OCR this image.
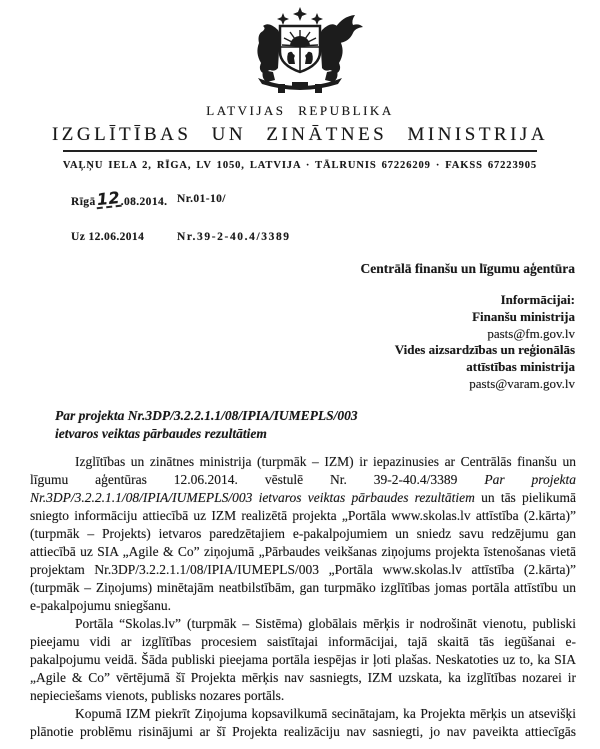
LATVIJAS REPUBLIKA
IZGLĪTĪBAS UN ZINĀTNES MINISTRIJA
VAĻŅU IELA 2, RĪGA, LV 1050, LATVIJA · TĀLRUNIS 67226209 · FAKSS 67223905
Rīgā12.08.2014. Nr.01-10/
Uz 12.06.2014	Nr.39-2-40.4/3389
Centrālā finanšu un līgumu aģentūra
Informācijai:
Finanšu ministrija
pasts@fm.gov.lv
Vides aizsardzības un reģionālās
attīstības ministrija
pasts@varam.gov.lv
Par projekta Nr.3DP/3.2.2.1.1/08/IPIA/IUMEPLS/003
ietvaros veiktas pārbaudes rezultātiem
Izglītības un zinātnes ministrija (turpmāk – IZM) ir iepazinusies ar Centrālās finanšu un
līgumu aģentūras 12.06.2014. vēstulē Nr. 39-2-40.4/3389 Par projekta
Nr.3DP/3.2.2.1.1/08/IPIA/IUMEPLS/003 ietvaros veiktas pārbaudes rezultātiem un tās pielikumā
sniegto informāciju attiecībā uz IZM realizētā projekta „Portāla www.skolas.lv attīstība (2.kārta)”
(turpmāk – Projekts) ietvaros paredzētajiem e-pakalpojumiem un sniedz savu redzējumu gan
attiecībā uz SIA „Agile & Co” ziņojumā „Pārbaudes veikšanas ziņojums projekta īstenošanas vietā
projektam Nr.3DP/3.2.2.1.1/08/IPIA/IUMEPLS/003 „Portāla www.skolas.lv attīstība (2.kārta)”
(turpmāk – Ziņojums) minētajām neatbilstībām, gan turpmāko izglītības jomas portāla attīstību un
e-pakalpojumu sniegšanu.
Portāla “Skolas.lv” (turpmāk – Sistēma) globālais mērķis ir nodrošināt vienotu, publiski
pieejamu vidi ar izglītības procesiem saistītajai informācijai, tajā skaitā tās iegūšanai e-
pakalpojumu veidā. Šāda publiski pieejama portāla iespējas ir ļoti plašas. Neskatoties uz to, ka SIA
„Agile & Co” vērtējumā šī Projekta mērķis nav sasniegts, IZM uzskata, ka izglītības nozarei ir
nepieciešams vienots, publisks nozares portāls.
Kopumā IZM piekrīt Ziņojuma kopsavilkumā secinātajam, ka Projekta mērķis un atsevišķi
plānotie problēmu risinājumi ar šī Projekta realizāciju nav sasniegti, jo nav paveikta attiecīgās
